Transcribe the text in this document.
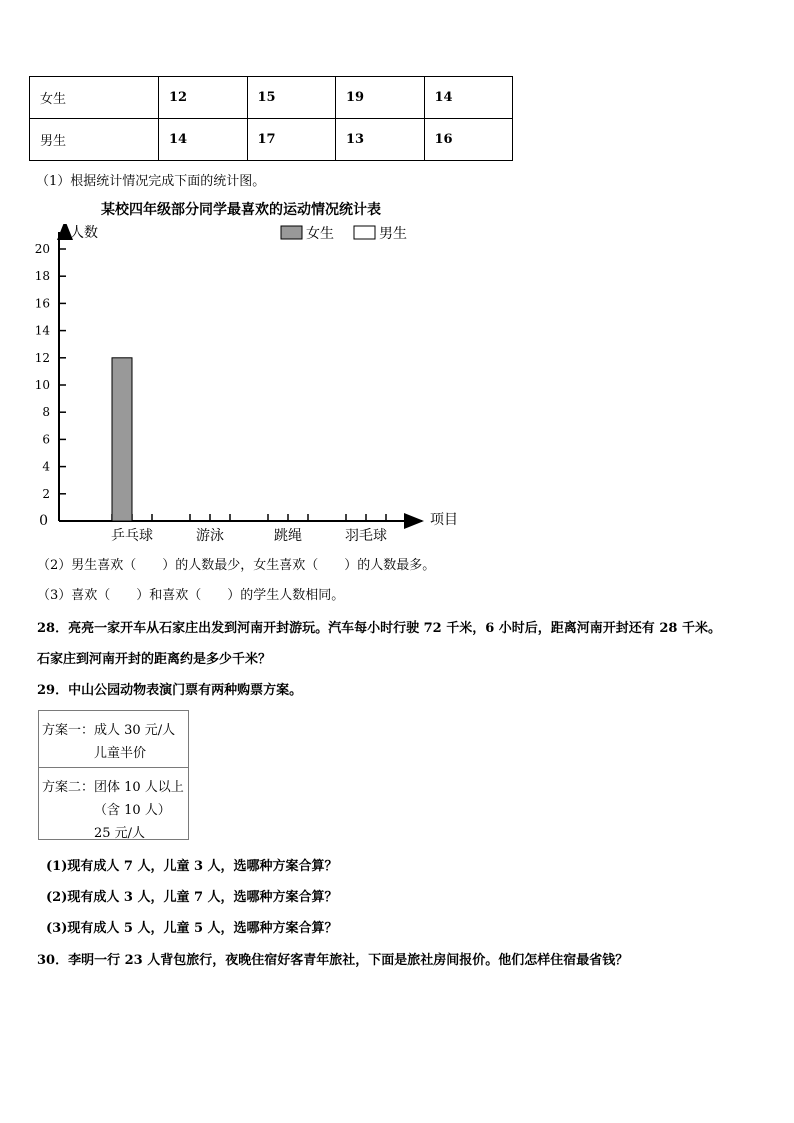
女生	12	15	19	14
男生	14	17	13	16
（1）根据统计情况完成下面的统计图。
某校四年级部分同学最喜欢的运动情况统计表
人数
项目
女生	男生
0
2
4
6
8
10
12
14
16
18
20
乒乓球	游泳	跳绳	羽毛球
（2）男生喜欢（　　）的人数最少，女生喜欢（　　）的人数最多。
（3）喜欢（　　）和喜欢（　　）的学生人数相同。
28．亮亮一家开车从石家庄出发到河南开封游玩。汽车每小时行驶 72 千米，6 小时后，距离河南开封还有 28 千米。
石家庄到河南开封的距离约是多少千米？
29．中山公园动物表演门票有两种购票方案。
方案一： 成人 30 元/人
儿童半价
方案二： 团体 10 人以上
（含 10 人）
25 元/人
(1)现有成人 7 人，儿童 3 人，选哪种方案合算？
(2)现有成人 3 人，儿童 7 人，选哪种方案合算？
(3)现有成人 5 人，儿童 5 人，选哪种方案合算？
30．李明一行 23 人背包旅行，夜晚住宿好客青年旅社，下面是旅社房间报价。他们怎样住宿最省钱？
